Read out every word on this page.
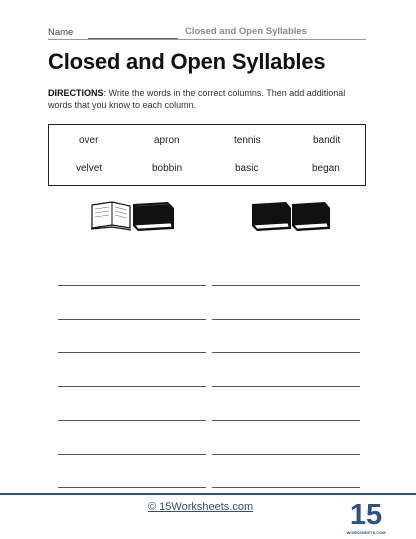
Name	Closed and Open Syllables
Closed and Open Syllables
DIRECTIONS: Write the words in the correct columns. Then add additional words that you know to each column.
over	apron	tennis	bandit
velvet	bobbin	basic	began
© 15Worksheets.com	15
WORKSHEETS.COM
